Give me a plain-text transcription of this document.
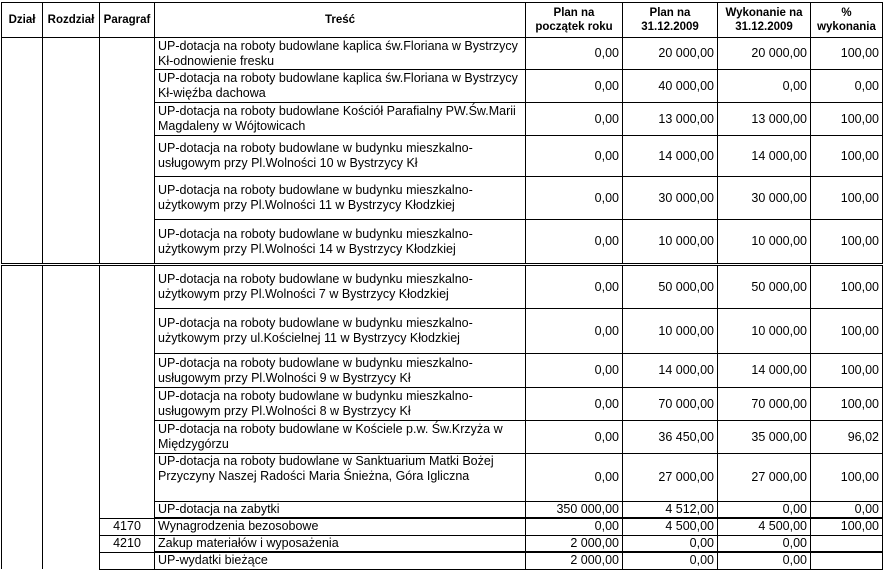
Dział	Rozdział	Paragraf	Treść	Plan na początek roku	Plan na 31.12.2009	Wykonanie na 31.12.2009	% wykonania
			UP-dotacja na roboty budowlane kaplica św.Floriana w Bystrzycy Kł-odnowienie fresku	0,00	20 000,00	20 000,00	100,00
			UP-dotacja na roboty budowlane kaplica św.Floriana w Bystrzycy Kł-więźba dachowa	0,00	40 000,00	0,00	0,00
			UP-dotacja na roboty budowlane Kościół Parafialny PW.Św.Marii Magdaleny w Wójtowicach	0,00	13 000,00	13 000,00	100,00
			UP-dotacja na roboty budowlane w budynku mieszkalno-usługowym przy Pl.Wolności 10 w Bystrzycy Kł	0,00	14 000,00	14 000,00	100,00
			UP-dotacja na roboty budowlane w budynku mieszkalno-użytkowym przy Pl.Wolności 11 w Bystrzycy Kłodzkiej	0,00	30 000,00	30 000,00	100,00
			UP-dotacja na roboty budowlane w budynku mieszkalno-użytkowym przy Pl.Wolności 14 w Bystrzycy Kłodzkiej	0,00	10 000,00	10 000,00	100,00
			UP-dotacja na roboty budowlane w budynku mieszkalno-użytkowym przy Pl.Wolności 7 w Bystrzycy Kłodzkiej	0,00	50 000,00	50 000,00	100,00
			UP-dotacja na roboty budowlane w budynku mieszkalno-użytkowym przy ul.Kościelnej 11 w Bystrzycy Kłodzkiej	0,00	10 000,00	10 000,00	100,00
			UP-dotacja na roboty budowlane w budynku mieszkalno-usługowym przy Pl.Wolności 9 w Bystrzycy Kł	0,00	14 000,00	14 000,00	100,00
			UP-dotacja na roboty budowlane w budynku mieszkalno-usługowym przy Pl.Wolności 8 w Bystrzycy Kł	0,00	70 000,00	70 000,00	100,00
			UP-dotacja na roboty budowlane w Kościele p.w. Św.Krzyża w Międzygórzu	0,00	36 450,00	35 000,00	96,02
			UP-dotacja na roboty budowlane w Sanktuarium Matki Bożej Przyczyny Naszej Radości Maria Śnieżna, Góra Igliczna	0,00	27 000,00	27 000,00	100,00
			UP-dotacja na zabytki	350 000,00	4 512,00	0,00	0,00
		4170	Wynagrodzenia bezosobowe	0,00	4 500,00	4 500,00	100,00
		4210	Zakup materiałów i wyposażenia	2 000,00	0,00	0,00	
			UP-wydatki bieżące	2 000,00	0,00	0,00	
